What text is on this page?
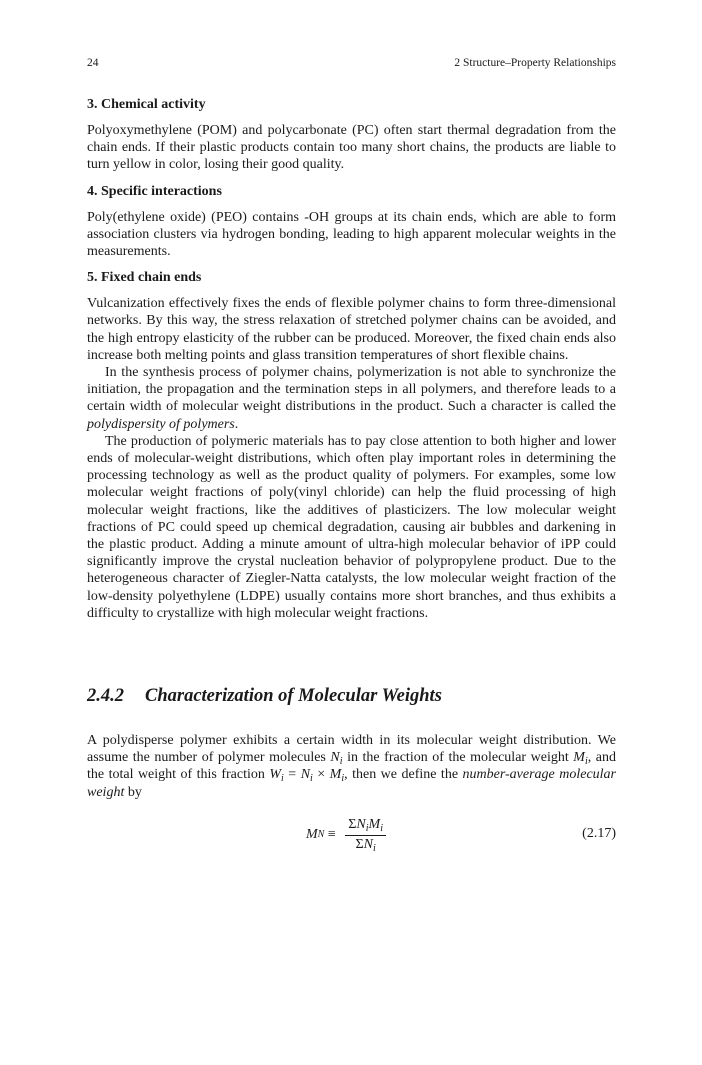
24	2 Structure–Property Relationships
3. Chemical activity

Polyoxymethylene (POM) and polycarbonate (PC) often start thermal degradation from the chain ends. If their plastic products contain too many short chains, the products are liable to turn yellow in color, losing their good quality.

4. Specific interactions

Poly(ethylene oxide) (PEO) contains -OH groups at its chain ends, which are able to form association clusters via hydrogen bonding, leading to high apparent molecular weights in the measurements.

5. Fixed chain ends

Vulcanization effectively fixes the ends of flexible polymer chains to form three-dimensional networks. By this way, the stress relaxation of stretched polymer chains can be avoided, and the high entropy elasticity of the rubber can be produced. Moreover, the fixed chain ends also increase both melting points and glass transition temperatures of short flexible chains.

In the synthesis process of polymer chains, polymerization is not able to synchronize the initiation, the propagation and the termination steps in all polymers, and therefore leads to a certain width of molecular weight distributions in the product. Such a character is called the polydispersity of polymers.

The production of polymeric materials has to pay close attention to both higher and lower ends of molecular-weight distributions, which often play important roles in determining the processing technology as well as the product quality of polymers. For examples, some low molecular weight fractions of poly(vinyl chloride) can help the fluid processing of high molecular weight fractions, like the additives of plasticizers. The low molecular weight fractions of PC could speed up chemical degradation, causing air bubbles and darkening in the plastic product. Adding a minute amount of ultra-high molecular behavior of iPP could significantly improve the crystal nucleation behavior of polypropylene product. Due to the heterogeneous character of Ziegler-Natta catalysts, the low molecular weight fraction of the low-density polyethylene (LDPE) usually contains more short branches, and thus exhibits a difficulty to crystallize with high molecular weight fractions.

2.4.2	Characterization of Molecular Weights

A polydisperse polymer exhibits a certain width in its molecular weight distribution. We assume the number of polymer molecules $N_i$ in the fraction of the molecular weight $M_i$, and the total weight of this fraction $W_i = N_i \times M_i$, then we define the number-average molecular weight by

M $N \equiv \frac{\Sigma N_iM_i}{\Sigma N_i}$	(2.17)
